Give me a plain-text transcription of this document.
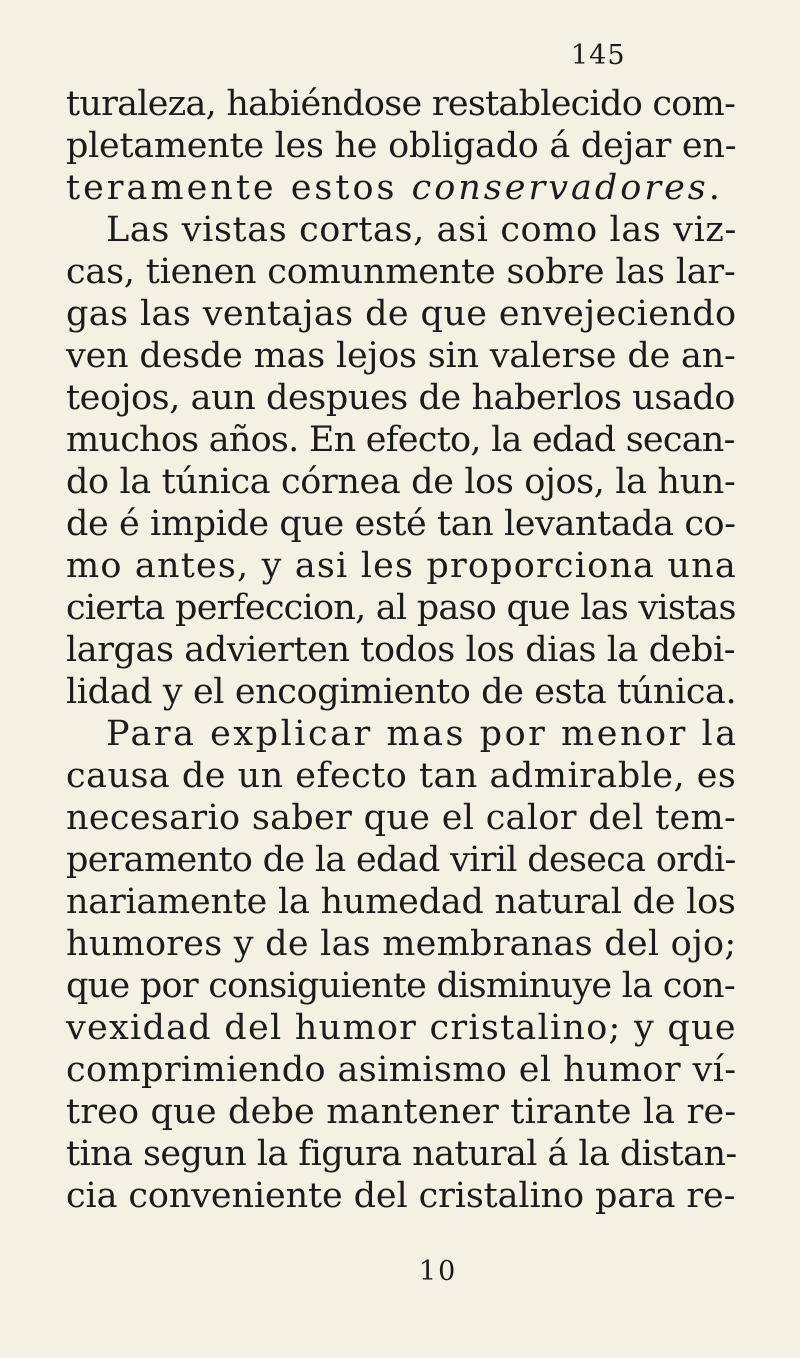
145
turaleza, habiéndose restablecido com-
pletamente les he obligado á dejar en-
teramente estos conservadores.
Las vistas cortas, asi como las viz-
cas, tienen comunmente sobre las lar-
gas las ventajas de que envejeciendo
ven desde mas lejos sin valerse de an-
teojos, aun despues de haberlos usado
muchos años. En efecto, la edad secan-
do la túnica córnea de los ojos, la hun-
de é impide que esté tan levantada co-
mo antes, y asi les proporciona una
cierta perfeccion, al paso que las vistas
largas advierten todos los dias la debi-
lidad y el encogimiento de esta túnica.
Para explicar mas por menor la
causa de un efecto tan admirable, es
necesario saber que el calor del tem-
peramento de la edad viril deseca ordi-
nariamente la humedad natural de los
humores y de las membranas del ojo;
que por consiguiente disminuye la con-
vexidad del humor cristalino; y que
comprimiendo asimismo el humor ví-
treo que debe mantener tirante la re-
tina segun la figura natural á la distan-
cia conveniente del cristalino para re-
10
